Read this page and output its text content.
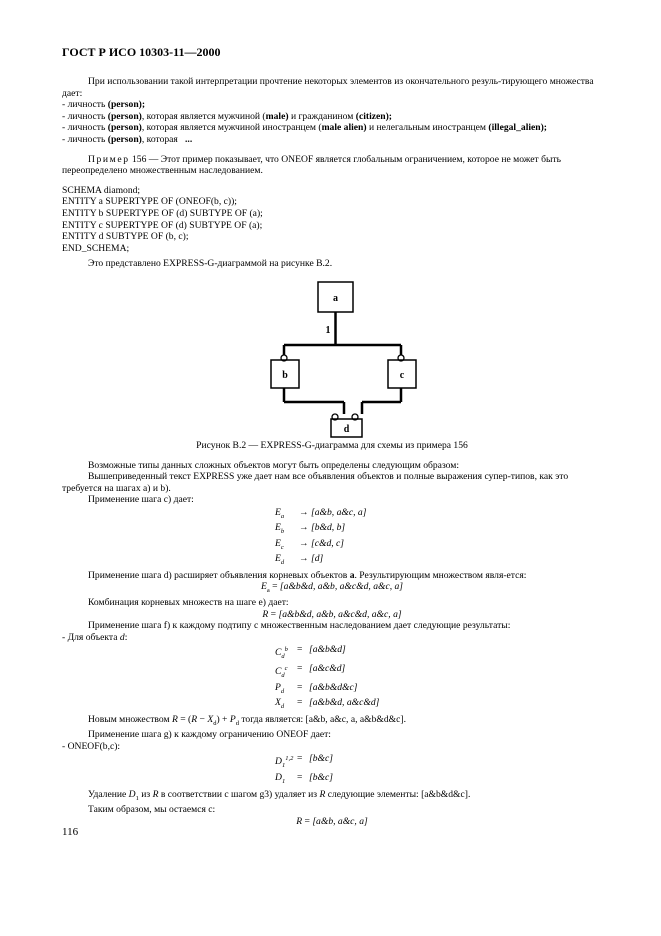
ГОСТ Р ИСО 10303-11—2000

При использовании такой интерпретации прочтение некоторых элементов из окончательного резуль-тирующего множества дает:

- личность (person);

- личность (person), которая является мужчиной (male) и гражданином (citizen);

- личность (person), которая является мужчиной иностранцем (male alien) и нелегальным иностранцем (illegal_alien);

- личность (person), которая   ...

Пример 156 — Этот пример показывает, что ONEOF является глобальным ограничением, которое не может быть переопределено множественным наследованием.

SCHEMA diamond;

ENTITY a SUPERTYPE OF (ONEOF(b, c));

ENTITY b SUPERTYPE OF (d) SUBTYPE OF (a);

ENTITY c SUPERTYPE OF (d) SUBTYPE OF (a);

ENTITY d SUBTYPE OF (b, c);

END_SCHEMA;

Это представлено EXPRESS-G-диаграммой на рисунке B.2.

a
b	c
d
1

Рисунок B.2 — EXPRESS-G-диаграмма для схемы из примера 156

Возможные типы данных сложных объектов могут быть определены следующим образом:

Вышеприведенный текст EXPRESS уже дает нам все объявления объектов и полные выражения супер-типов, как это требуется на шагах а) и b).

Применение шага с) дает:

$E_a$	→ [a&b, a&c, a]
$E_b$	→ [b&d, b]
$E_c$	→ [c&d, c]
$E_d$	→ [d]

Применение шага d) расширяет объявления корневых объектов а. Результирующим множеством явля-ется:

$E_a$ = [a&b&d, a&b, a&c&d, a&c, a]

Комбинация корневых множеств на шаге е) дает:

R = [a&b&d, a&b, a&c&d, a&c, a]

Применение шага f) к каждому подтипу с множественным наследованием дает следующие результаты:

- Для объекта d:

$C_d^b$ = [a&b&d]
$C_d^c$ = [a&c&d]
$P_d$	= [a&b&d&c]
$X_d$	= [a&b&d, a&c&d]

Новым множеством $R = (R - X_d) + P_d$ тогда является: [a&b, a&c, a, a&b&d&c].

Применение шага g) к каждому ограничению ONEOF дает:

- ONEOF(b,c):

$D_1^{1,2}$ = [b&c]
$D_1$	= [b&c]

Удаление $D_1$ из R в соответствии с шагом g3) удаляет из R следующие элементы: [a&b&d&c].

Таким образом, мы остаемся с:

R = [a&b, a&c, a]

116
